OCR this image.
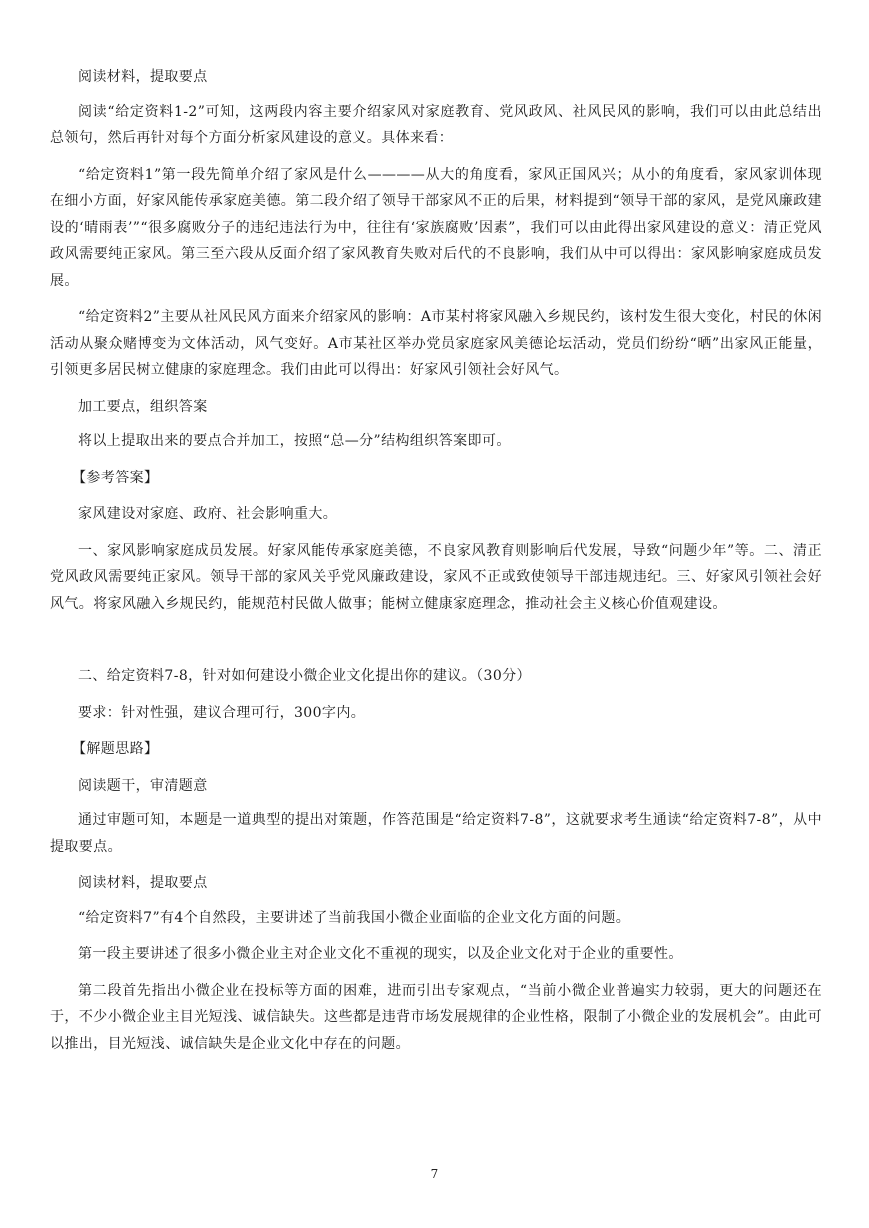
阅读材料，提取要点

阅读“给定资料1-2”可知，这两段内容主要介绍家风对家庭教育、党风政风、社风民风的影响，我们可以由此总结出总领句，然后再针对每个方面分析家风建设的意义。具体来看：

“给定资料1”第一段先简单介绍了家风是什么————从大的角度看，家风正国风兴；从小的角度看，家风家训体现在细小方面，好家风能传承家庭美德。第二段介绍了领导干部家风不正的后果，材料提到“领导干部的家风，是党风廉政建设的‘晴雨表’”“很多腐败分子的违纪违法行为中，往往有‘家族腐败’因素”，我们可以由此得出家风建设的意义：清正党风政风需要纯正家风。第三至六段从反面介绍了家风教育失败对后代的不良影响，我们从中可以得出：家风影响家庭成员发展。

“给定资料2”主要从社风民风方面来介绍家风的影响：A市某村将家风融入乡规民约，该村发生很大变化，村民的休闲活动从聚众赌博变为文体活动，风气变好。A市某社区举办党员家庭家风美德论坛活动，党员们纷纷“晒”出家风正能量，引领更多居民树立健康的家庭理念。我们由此可以得出：好家风引领社会好风气。

加工要点，组织答案

将以上提取出来的要点合并加工，按照“总—分”结构组织答案即可。

【参考答案】

家风建设对家庭、政府、社会影响重大。

一、家风影响家庭成员发展。好家风能传承家庭美德，不良家风教育则影响后代发展，导致“问题少年”等。二、清正党风政风需要纯正家风。领导干部的家风关乎党风廉政建设，家风不正或致使领导干部违规违纪。三、好家风引领社会好风气。将家风融入乡规民约，能规范村民做人做事；能树立健康家庭理念，推动社会主义核心价值观建设。

二、给定资料7-8，针对如何建设小微企业文化提出你的建议。（30分）

要求：针对性强，建议合理可行，300字内。

【解题思路】

阅读题干，审清题意

通过审题可知，本题是一道典型的提出对策题，作答范围是“给定资料7-8”，这就要求考生通读“给定资料7-8”，从中提取要点。

阅读材料，提取要点

“给定资料7”有4个自然段，主要讲述了当前我国小微企业面临的企业文化方面的问题。

第一段主要讲述了很多小微企业主对企业文化不重视的现实，以及企业文化对于企业的重要性。

第二段首先指出小微企业在投标等方面的困难，进而引出专家观点，“当前小微企业普遍实力较弱，更大的问题还在于，不少小微企业主目光短浅、诚信缺失。这些都是违背市场发展规律的企业性格，限制了小微企业的发展机会”。由此可以推出，目光短浅、诚信缺失是企业文化中存在的问题。

7
